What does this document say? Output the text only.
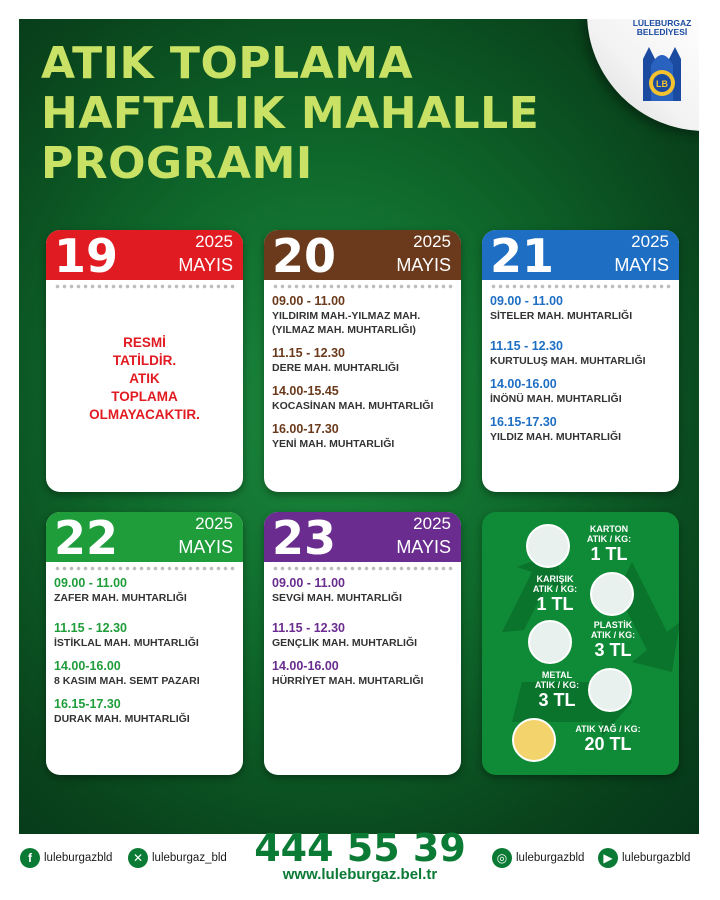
ATIK TOPLAMA
HAFTALIK MAHALLE
PROGRAMI
LÜLEBURGAZ
BELEDİYESİ
LB
19	2025
MAYIS
RESMİ
TATİLDİR.
ATIK
TOPLAMA
OLMAYACAKTIR.
20	2025
MAYIS
09.00 - 11.00
YILDIRIM MAH.-YILMAZ MAH.
(YILMAZ MAH. MUHTARLIĞI)
11.15 - 12.30
DERE MAH. MUHTARLIĞI
14.00-15.45
KOCASİNAN MAH. MUHTARLIĞI
16.00-17.30
YENİ MAH. MUHTARLIĞI
21	2025
MAYIS
09.00 - 11.00
SİTELER MAH. MUHTARLIĞI
11.15 - 12.30
KURTULUŞ MAH. MUHTARLIĞI
14.00-16.00
İNÖNÜ MAH. MUHTARLIĞI
16.15-17.30
YILDIZ MAH. MUHTARLIĞI
22	2025
MAYIS
09.00 - 11.00
ZAFER MAH. MUHTARLIĞI
11.15 - 12.30
İSTİKLAL MAH. MUHTARLIĞI
14.00-16.00
8 KASIM MAH. SEMT PAZARI
16.15-17.30
DURAK MAH. MUHTARLIĞI
23	2025
MAYIS
09.00 - 11.00
SEVGİ MAH. MUHTARLIĞI
11.15 - 12.30
GENÇLİK MAH. MUHTARLIĞI
14.00-16.00
HÜRRİYET MAH. MUHTARLIĞI
KARTON
ATIK / KG:
1 TL
KARIŞIK
ATIK / KG:
1 TL
PLASTİK
ATIK / KG:
3 TL
METAL
ATIK / KG:
3 TL
ATIK YAĞ / KG:
20 TL
f	luleburgazbld	✕ luleburgaz_bld 444 55 39
www.luleburgaz.bel.tr
◎ luleburgazbld	▶ luleburgazbld
